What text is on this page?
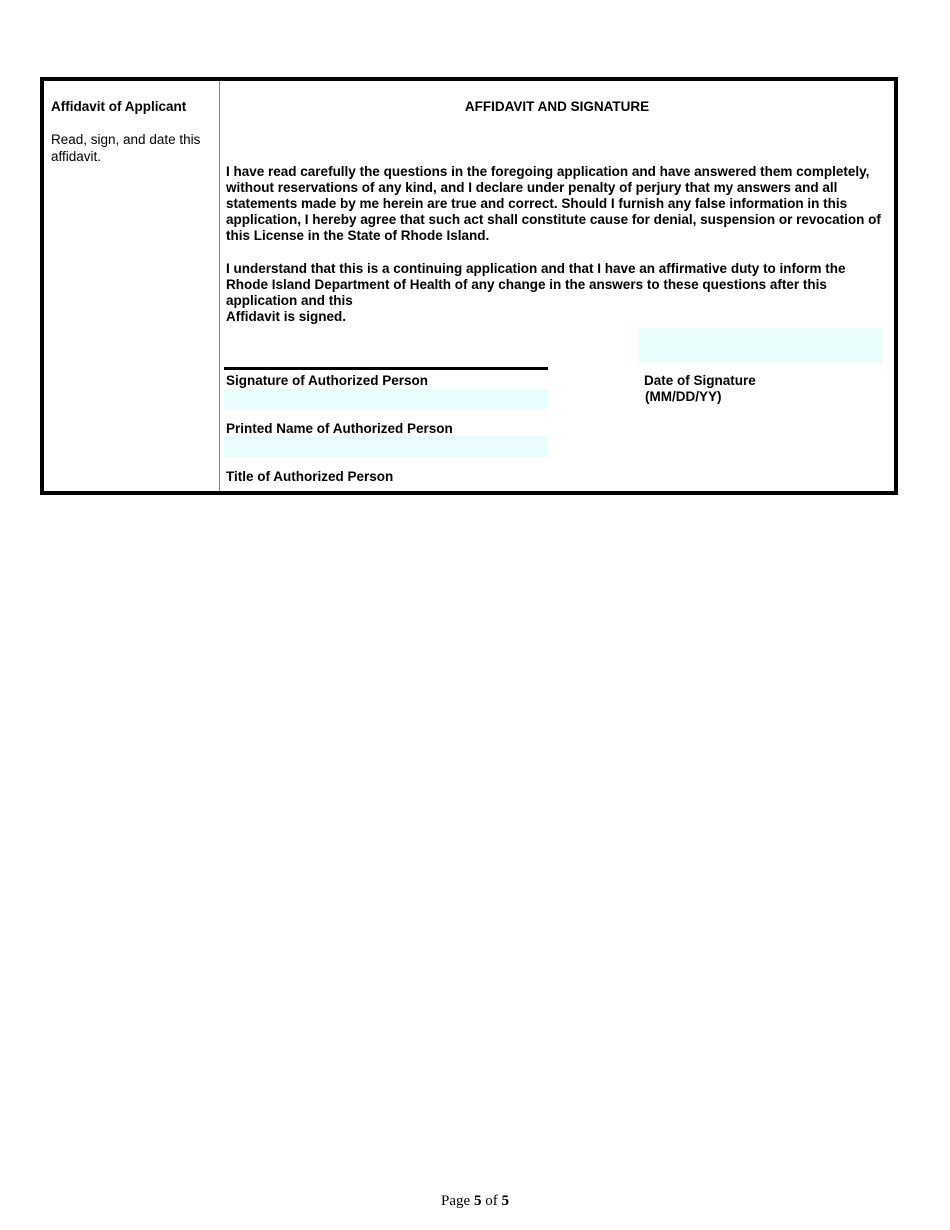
Affidavit of Applicant
Read, sign, and date this affidavit.
AFFIDAVIT AND SIGNATURE
I have read carefully the questions in the foregoing application and have answered them completely, without reservations of any kind, and I declare under penalty of perjury that my answers and all statements made by me herein are true and correct. Should I furnish any false information in this application, I hereby agree that such act shall constitute cause for denial, suspension or revocation of this License in the State of Rhode Island.
I understand that this is a continuing application and that I have an affirmative duty to inform the Rhode Island Department of Health of any change in the answers to these questions after this application and this
Affidavit is signed.
Signature of Authorized Person
Printed Name of Authorized Person
Title of Authorized Person
Date of Signature
(MM/DD/YY)
Page 5 of 5
